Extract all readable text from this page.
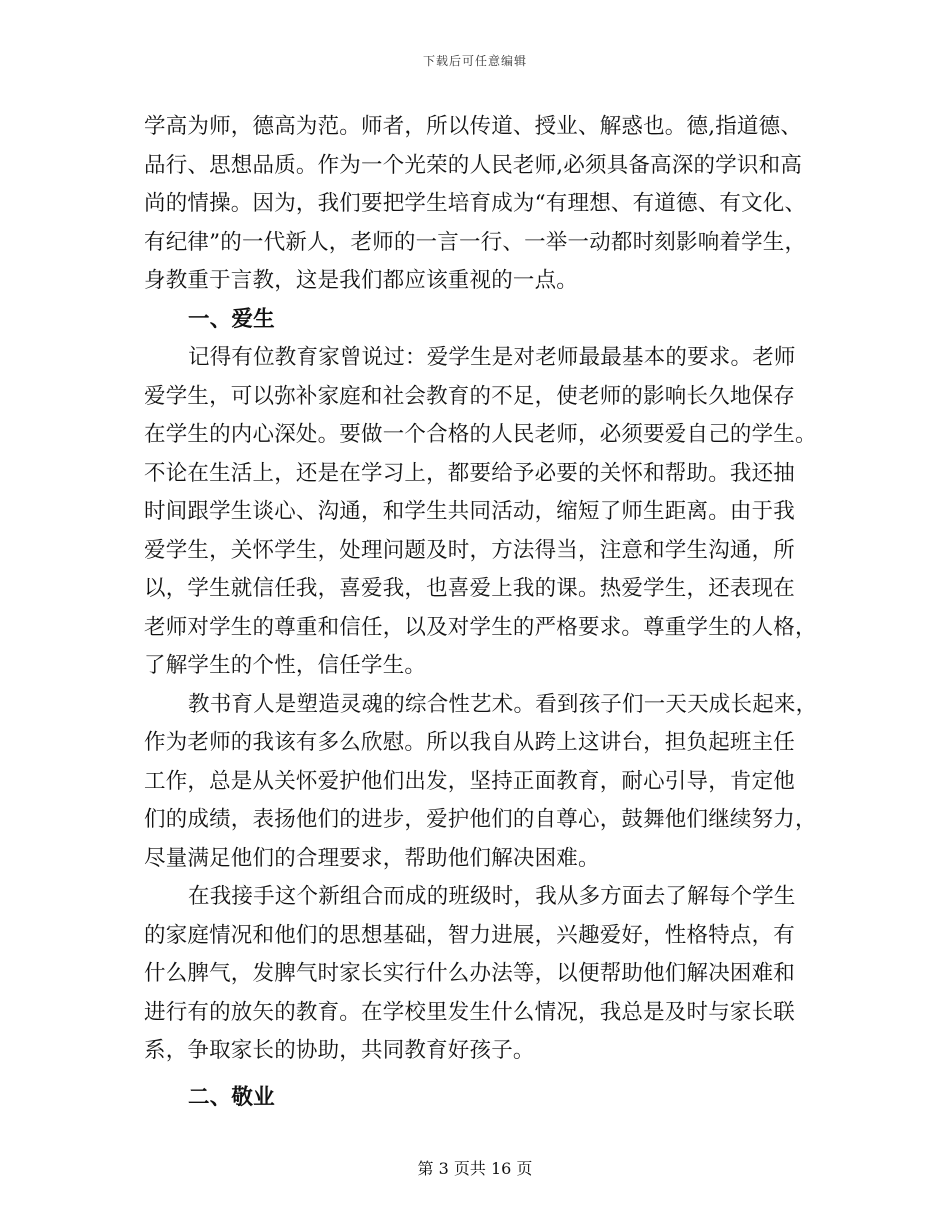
下载后可任意编辑
学高为师，德高为范。师者，所以传道、授业、解惑也。德,指道德、
品行、思想品质。作为一个光荣的人民老师,必须具备高深的学识和高
尚的情操。因为，我们要把学生培育成为“有理想、有道德、有文化、
有纪律”的一代新人，老师的一言一行、一举一动都时刻影响着学生，
身教重于言教，这是我们都应该重视的一点。
一、爱生
记得有位教育家曾说过：爱学生是对老师最最基本的要求。老师
爱学生，可以弥补家庭和社会教育的不足，使老师的影响长久地保存
在学生的内心深处。要做一个合格的人民老师，必须要爱自己的学生。
不论在生活上，还是在学习上，都要给予必要的关怀和帮助。我还抽
时间跟学生谈心、沟通，和学生共同活动，缩短了师生距离。由于我
爱学生，关怀学生，处理问题及时，方法得当，注意和学生沟通，所
以，学生就信任我，喜爱我，也喜爱上我的课。热爱学生，还表现在
老师对学生的尊重和信任，以及对学生的严格要求。尊重学生的人格，
了解学生的个性，信任学生。
教书育人是塑造灵魂的综合性艺术。看到孩子们一天天成长起来，
作为老师的我该有多么欣慰。所以我自从跨上这讲台，担负起班主任
工作，总是从关怀爱护他们出发，坚持正面教育，耐心引导，肯定他
们的成绩，表扬他们的进步，爱护他们的自尊心，鼓舞他们继续努力，
尽量满足他们的合理要求，帮助他们解决困难。
在我接手这个新组合而成的班级时，我从多方面去了解每个学生
的家庭情况和他们的思想基础，智力进展，兴趣爱好，性格特点，有
什么脾气，发脾气时家长实行什么办法等，以便帮助他们解决困难和
进行有的放矢的教育。在学校里发生什么情况，我总是及时与家长联
系，争取家长的协助，共同教育好孩子。
二、敬业
第 3 页共 16 页
